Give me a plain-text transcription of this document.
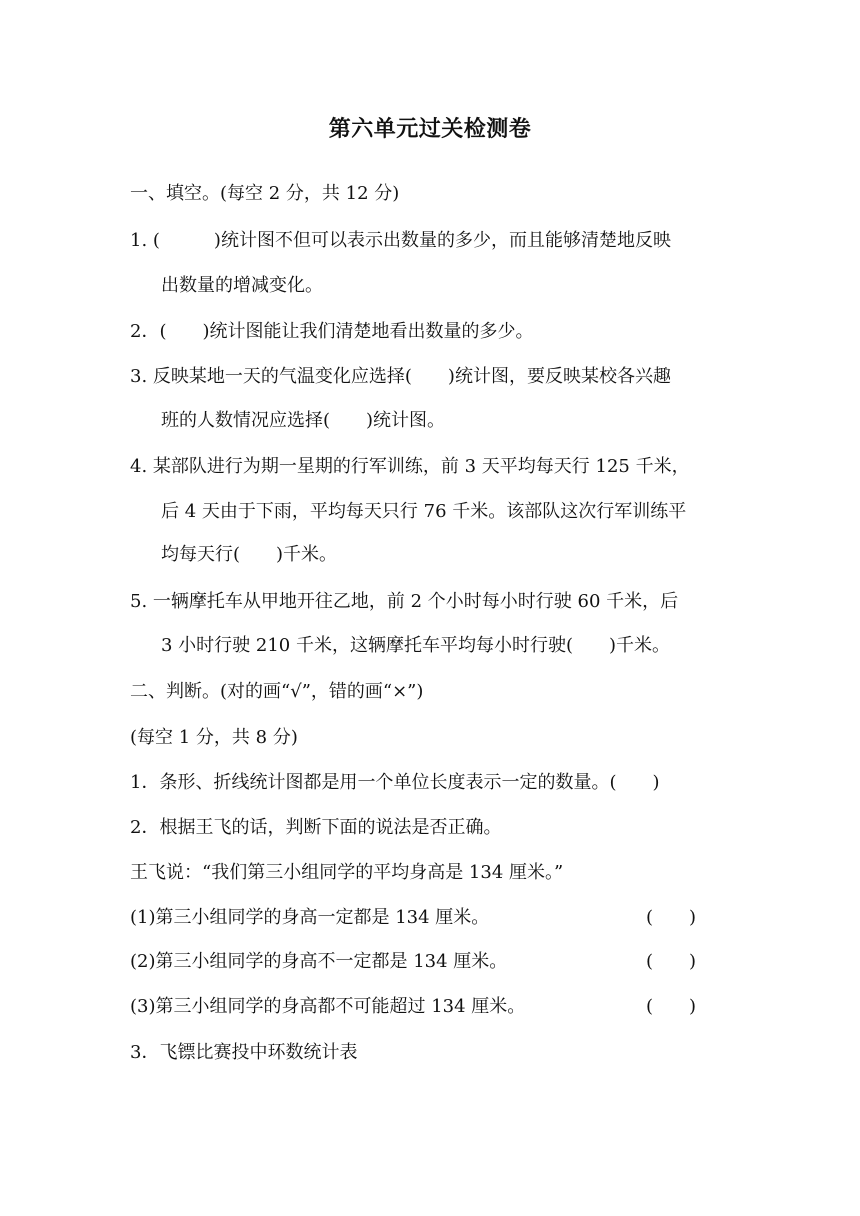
第六单元过关检测卷
一、填空。(每空 2 分，共 12 分)
1. (　　　)统计图不但可以表示出数量的多少，而且能够清楚地反映
出数量的增减变化。
2．(　　)统计图能让我们清楚地看出数量的多少。
3. 反映某地一天的气温变化应选择(　　)统计图，要反映某校各兴趣
班的人数情况应选择(　　)统计图。
4. 某部队进行为期一星期的行军训练，前 3 天平均每天行 125 千米，
后 4 天由于下雨，平均每天只行 76 千米。该部队这次行军训练平
均每天行(　　)千米。
5. 一辆摩托车从甲地开往乙地，前 2 个小时每小时行驶 60 千米，后
3 小时行驶 210 千米，这辆摩托车平均每小时行驶(　　)千米。
二、判断。(对的画“√”，错的画“×”)
(每空 1 分，共 8 分)
1．条形、折线统计图都是用一个单位长度表示一定的数量。(　　)
2．根据王飞的话，判断下面的说法是否正确。
王飞说：“我们第三小组同学的平均身高是 134 厘米。”
(1)第三小组同学的身高一定都是 134 厘米。	(　　)
(2)第三小组同学的身高不一定都是 134 厘米。	(　　)
(3)第三小组同学的身高都不可能超过 134 厘米。	(　　)
3．飞镖比赛投中环数统计表
